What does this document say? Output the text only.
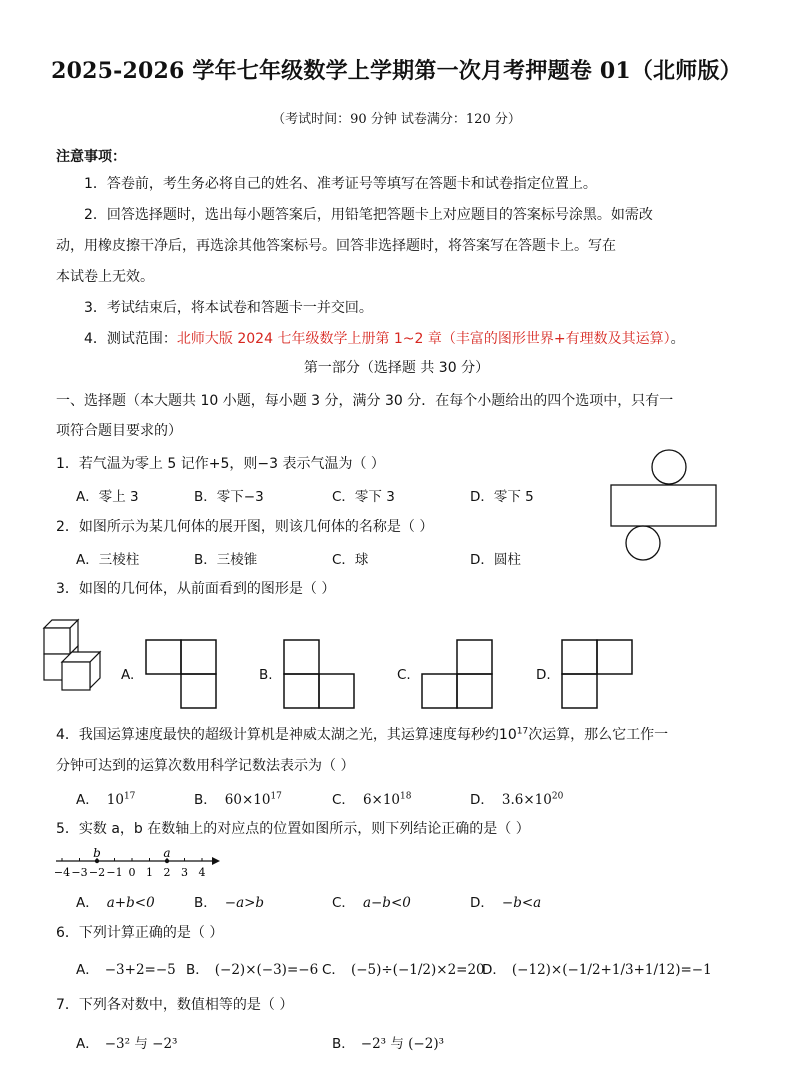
2025-2026 学年七年级数学上学期第一次月考押题卷 01（北师版）
（考试时间：90 分钟 试卷满分：120 分）
注意事项：
1．答卷前，考生务必将自己的姓名、准考证号等填写在答题卡和试卷指定位置上。
2．回答选择题时，选出每小题答案后，用铅笔把答题卡上对应题目的答案标号涂黑。如需改
动，用橡皮擦干净后，再选涂其他答案标号。回答非选择题时，将答案写在答题卡上。写在
本试卷上无效。
3．考试结束后，将本试卷和答题卡一并交回。
4．测试范围：北师大版 2024 七年级数学上册第 1~2 章（丰富的图形世界+有理数及其运算）。
第一部分（选择题 共 30 分）
一、选择题（本大题共 10 小题，每小题 3 分，满分 30 分．在每个小题给出的四个选项中，只有一
项符合题目要求的）
1．若气温为零上 5 记作+5，则−3 表示气温为（ ）
A．零上 3	B．零下−3	C．零下 3	D．零下 5
2．如图所示为某几何体的展开图，则该几何体的名称是（ ）
A．三棱柱	B．三棱锥	C．球	D．圆柱
3．如图的几何体，从前面看到的图形是（ ）
A.	B.	C.	D.
4．我国运算速度最快的超级计算机是神威太湖之光，其运算速度每秒约$10^{17}$次运算，那么它工作一
分钟可达到的运算次数用科学记数法表示为（ ）
A． $10^{17}$	B． $60\times 10^{17}$	C． $6\times 10^{18}$	D． $3.6\times 10^{20}$
5．实数 a，b 在数轴上的对应点的位置如图所示，则下列结论正确的是（ ）
−4 −3 −2 −1 0 1 2 3 4
b	a
A． a+b<0	B． −a>b	C． a−b<0	D． −b<a
6．下列计算正确的是（ ）
A． −3+2=−5 B． (−2)×(−3)=−6 C． (−5)÷(−1/2)×2=20
D． (−12)×(−1/2+1/3+1/12)=−1
7．下列各对数中，数值相等的是（ ）
A． −3² 与 −2³	B． −2³ 与 (−2)³
